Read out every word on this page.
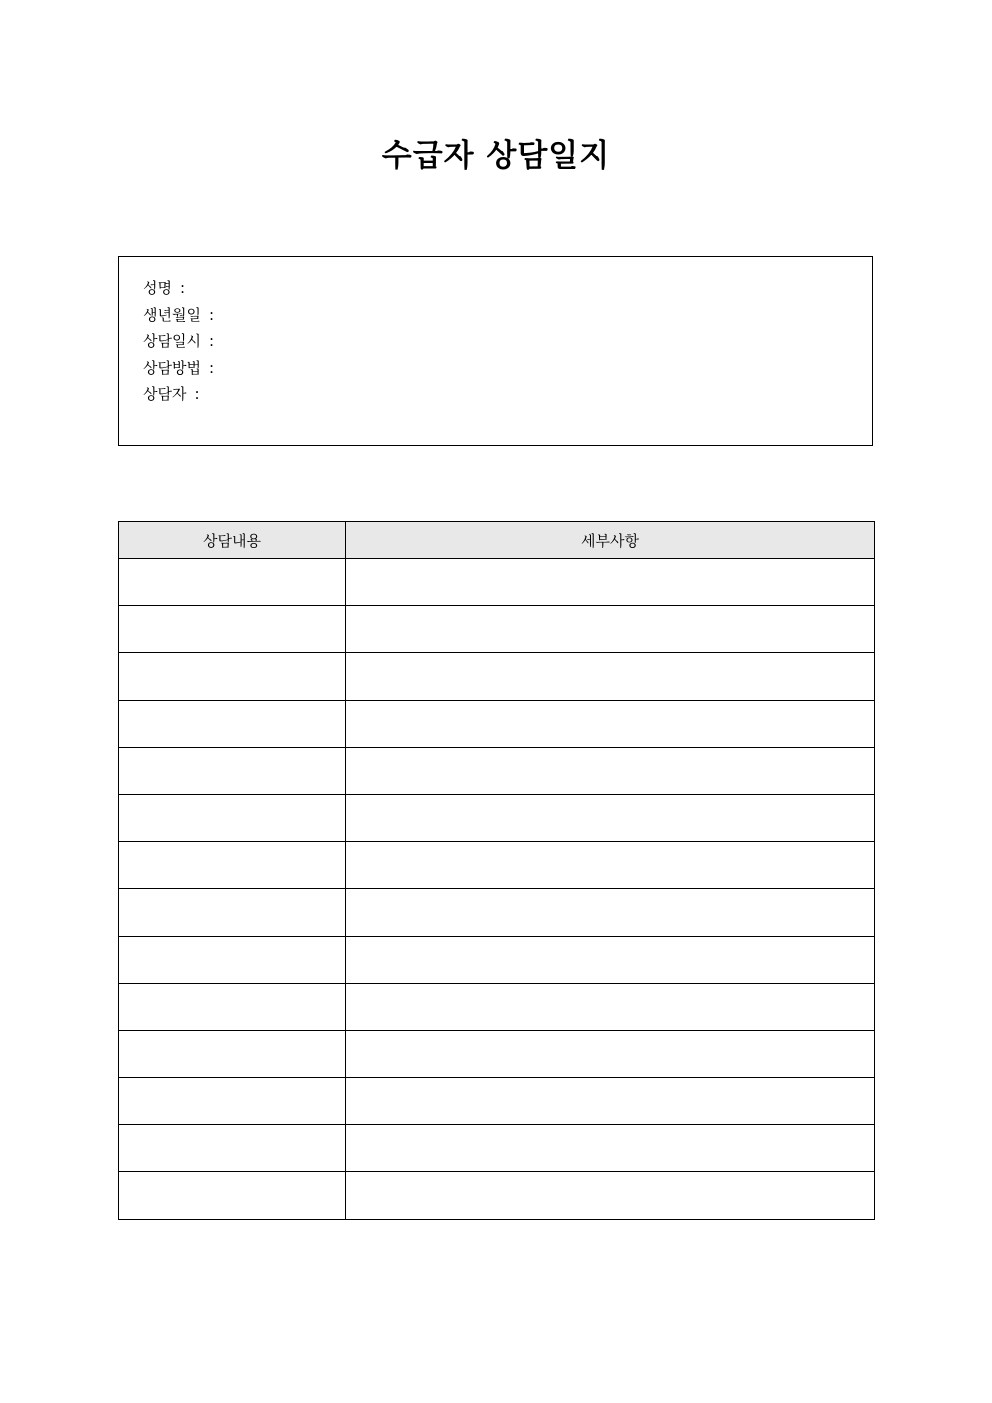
수급자 상담일지
성명 :
생년월일 :
상담일시 :
상담방법 :
상담자 :
상담내용	세부사항
